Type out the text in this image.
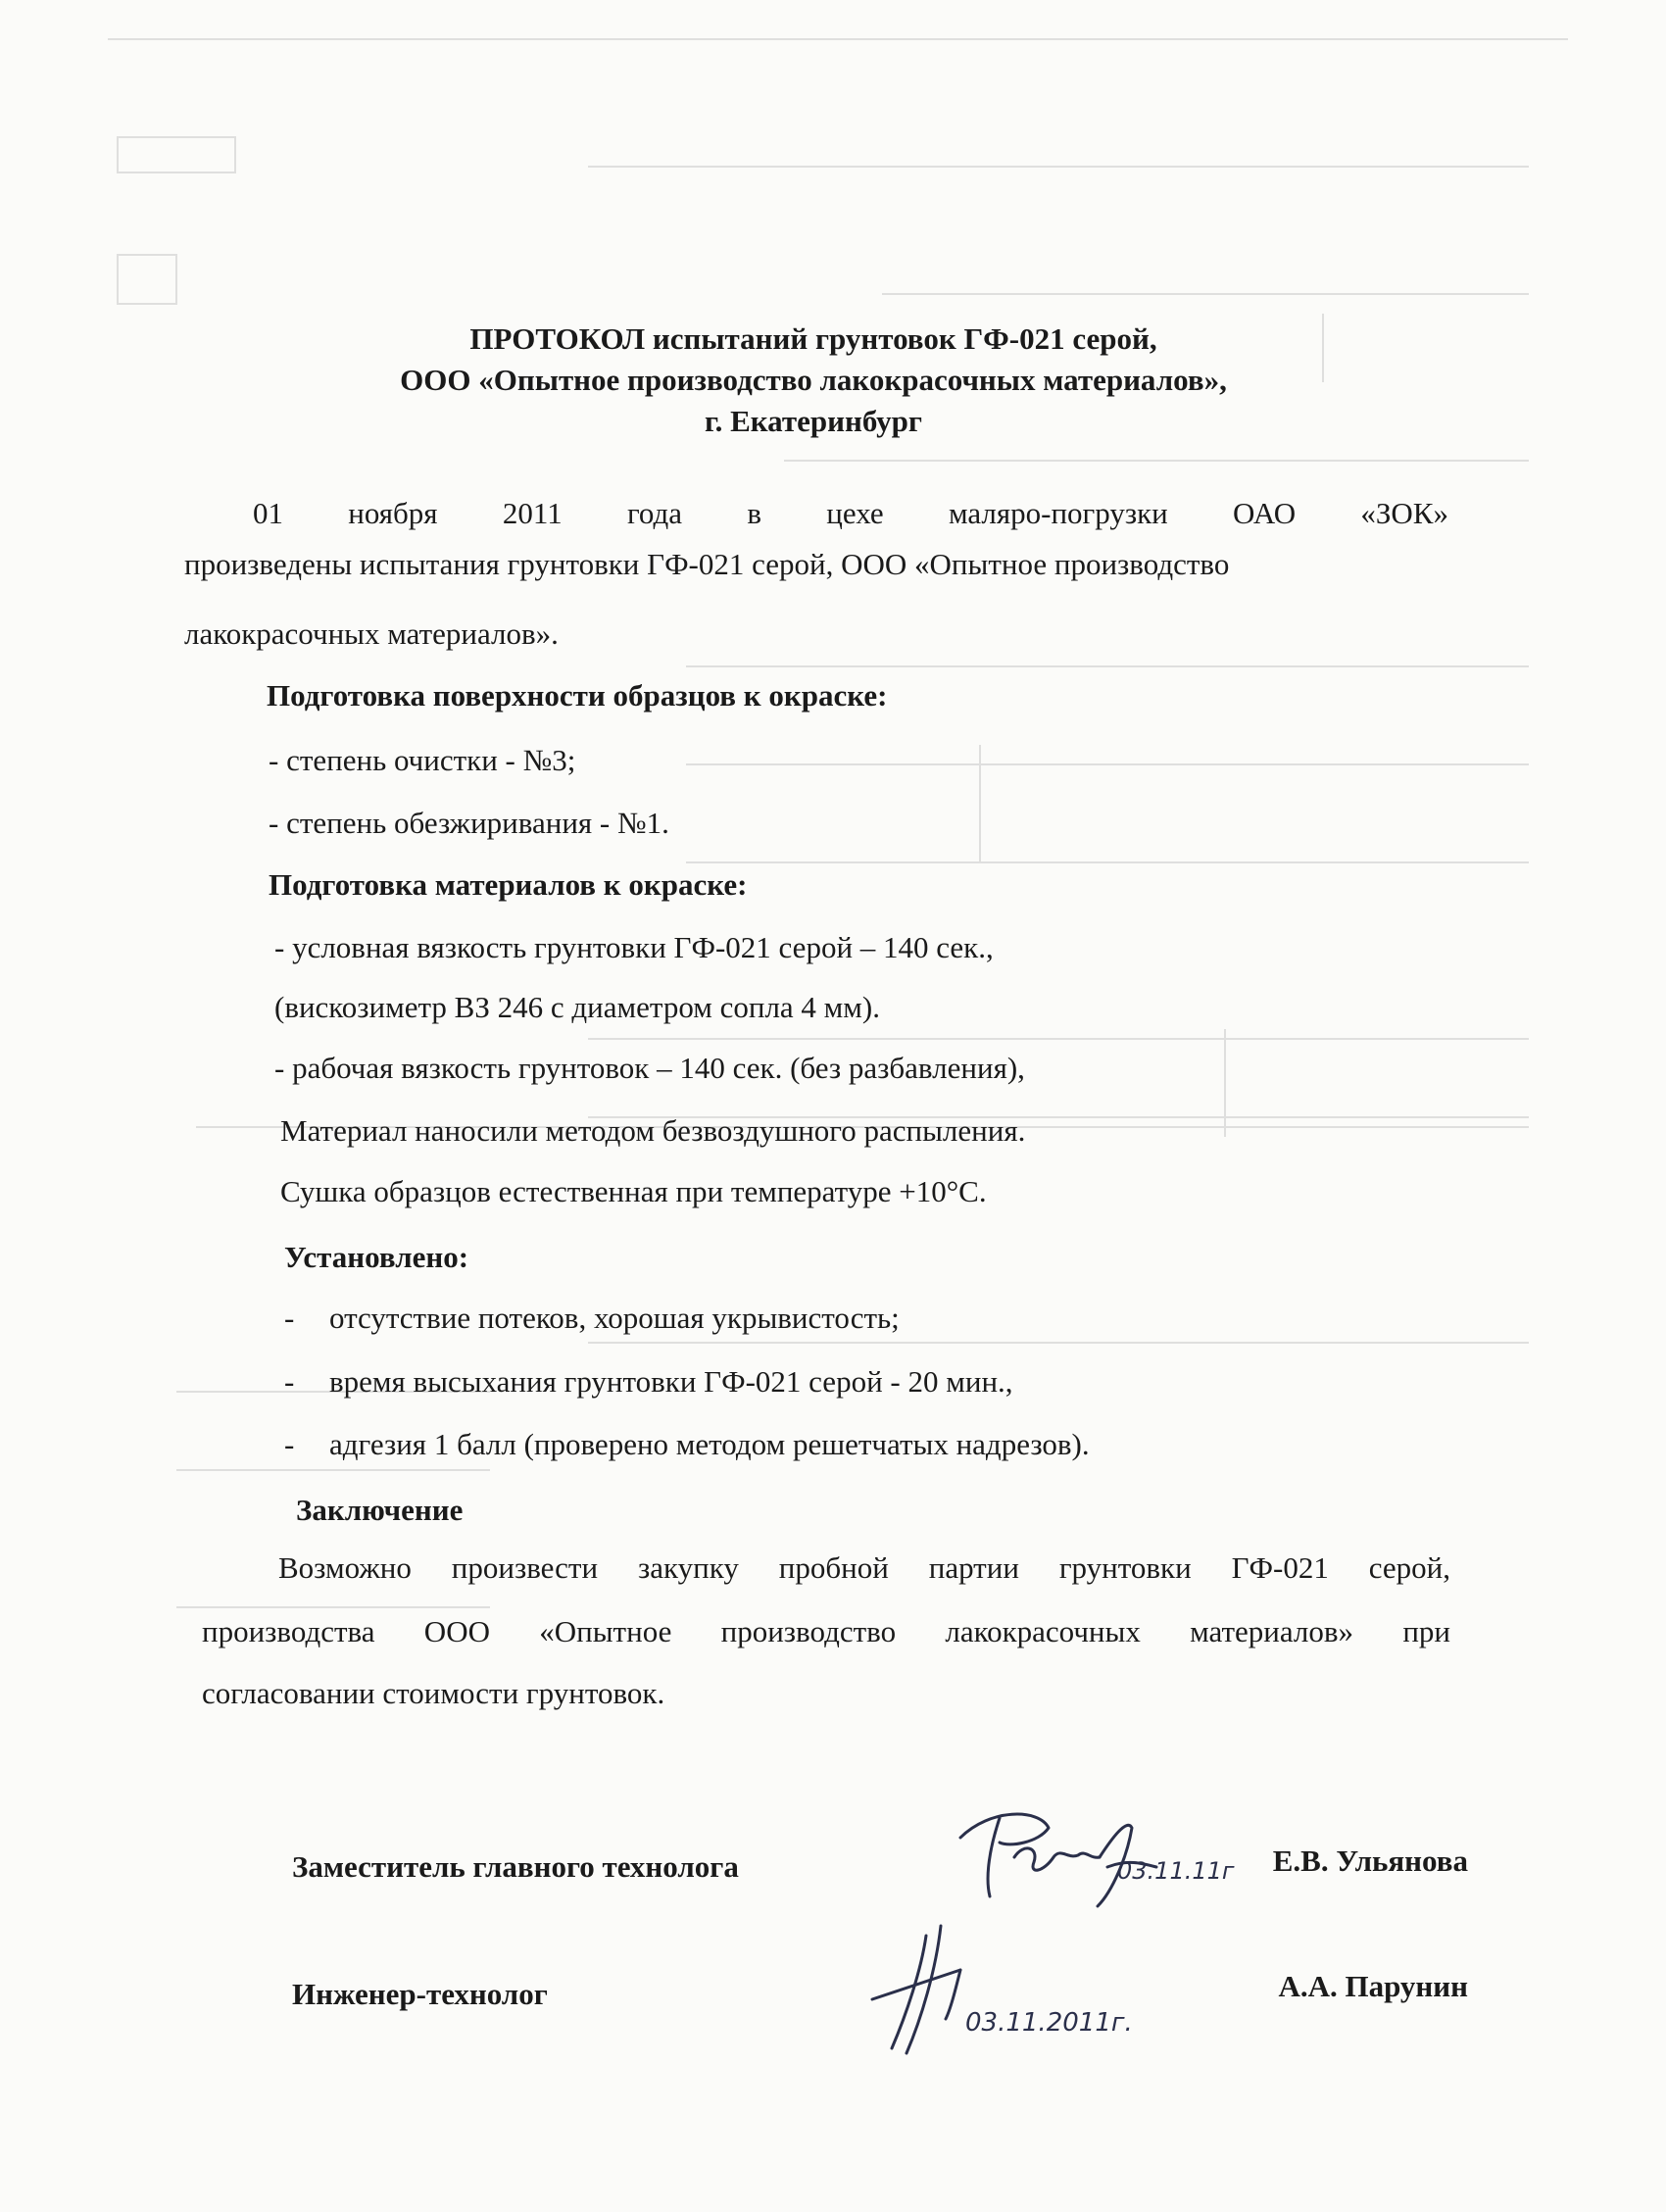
ПРОТОКОЛ испытаний грунтовок ГФ-021 серой,
ООО «Опытное производство лакокрасочных материалов»,
г. Екатеринбург
01 ноября 2011 года в цехе маляро-погрузки ОАО «ЗОК»
произведены испытания грунтовки ГФ-021 серой, ООО «Опытное производство
лакокрасочных материалов».
Подготовка поверхности образцов к окраске:
- степень очистки - №3;
- степень обезжиривания - №1.
Подготовка материалов к окраске:
- условная вязкость грунтовки ГФ-021 серой – 140 сек.,
(вискозиметр ВЗ 246 с диаметром сопла 4 мм).
- рабочая вязкость грунтовок – 140 сек. (без разбавления),
Материал наносили методом безвоздушного распыления.
Сушка образцов естественная при температуре +10°С.
Установлено:
- отсутствие потеков, хорошая укрывистость;
- время высыхания грунтовки ГФ-021 серой - 20 мин.,
- адгезия 1 балл (проверено методом решетчатых надрезов).
Заключение
Возможно произвести закупку пробной партии грунтовки ГФ-021 серой,
производства ООО «Опытное производство лакокрасочных материалов» при
согласовании стоимости грунтовок.
Заместитель главного технолога	Е.В. Ульянова
03.11.11г
Инженер-технолог	А.А. Парунин
03.11.2011г.
